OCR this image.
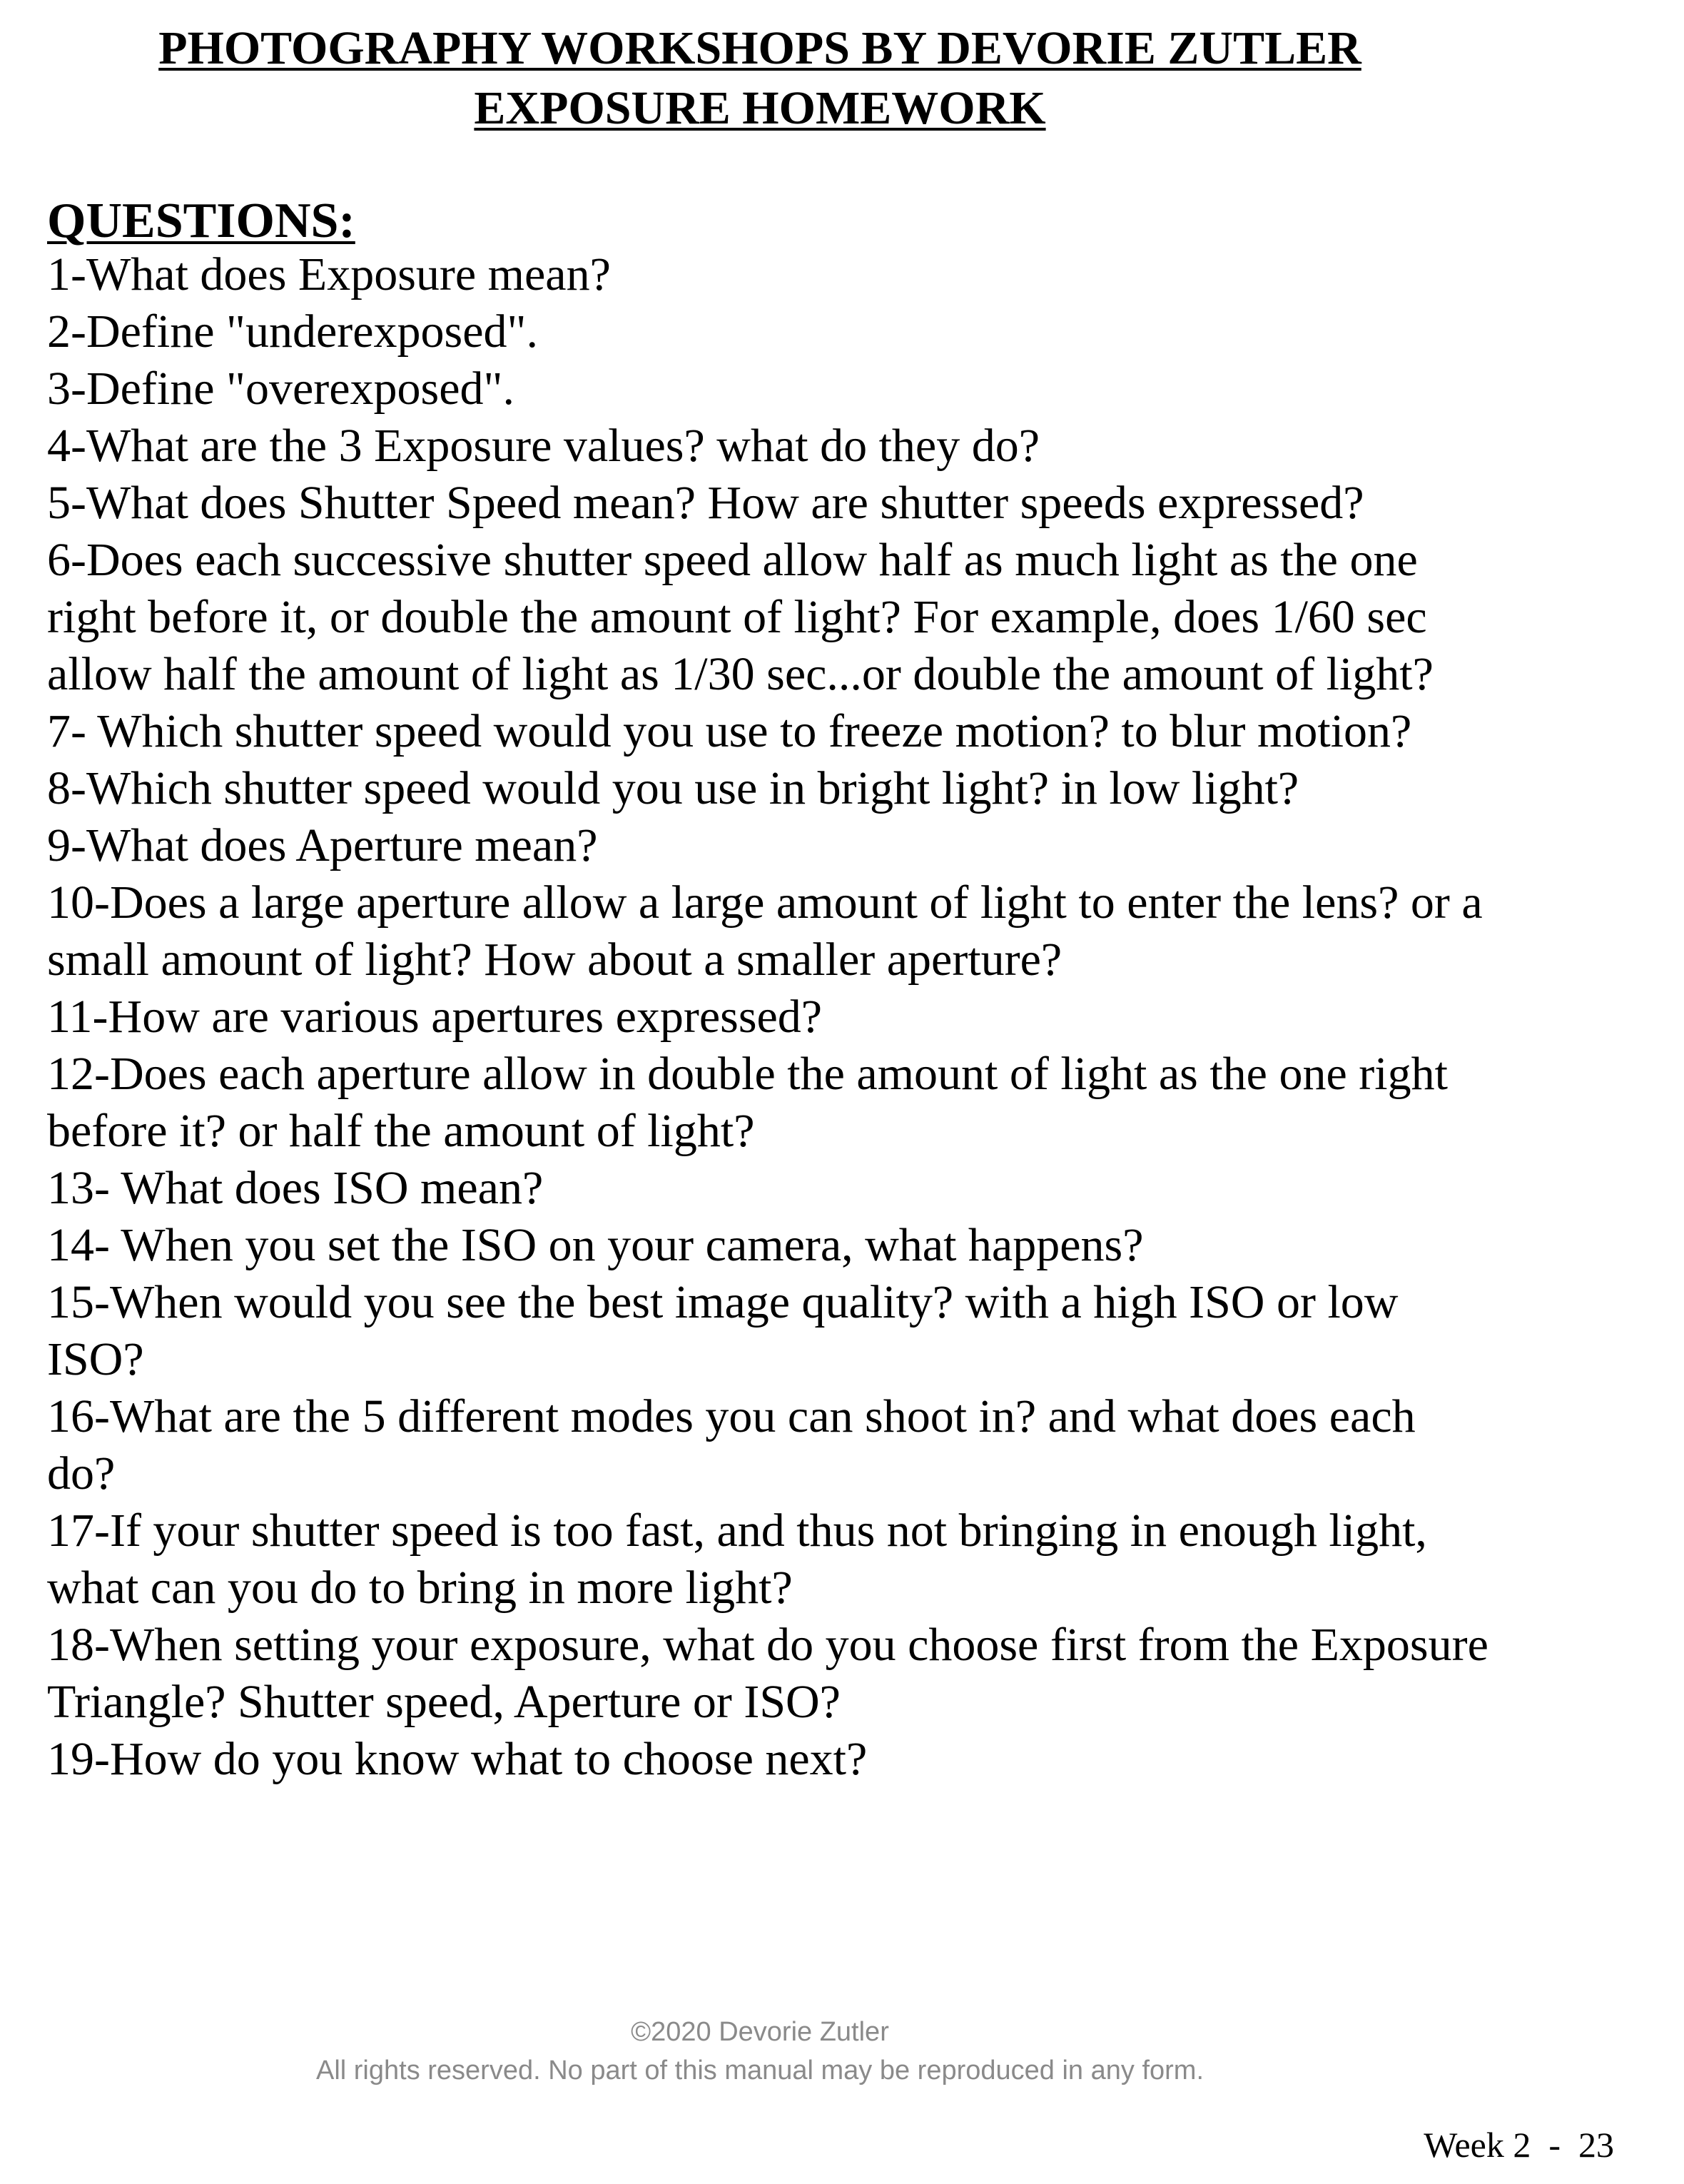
PHOTOGRAPHY WORKSHOPS BY DEVORIE ZUTLER
EXPOSURE HOMEWORK
QUESTIONS:
1-What does Exposure mean?
2-Define "underexposed".
3-Define "overexposed".
4-What are the 3 Exposure values? what do they do?
5-What does Shutter Speed mean? How are shutter speeds expressed?
6-Does each successive shutter speed allow half as much light as the one right before it, or double the amount of light? For example, does 1/60 sec allow half the amount of light as 1/30 sec...or double the amount of light?
7- Which shutter speed would you use to freeze motion? to blur motion?
8-Which shutter speed would you use in bright light? in low light?
9-What does Aperture mean?
10-Does a large aperture allow a large amount of light to enter the lens? or a small amount of light? How about a smaller aperture?
11-How are various apertures expressed?
12-Does each aperture allow in double the amount of light as the one right before it? or half the amount of light?
13- What does ISO mean?
14- When you set the ISO on your camera, what happens?
15-When would you see the best image quality? with a high ISO or low ISO?
16-What are the 5 different modes you can shoot in? and what does each do?
17-If your shutter speed is too fast, and thus not bringing in enough light, what can you do to bring in more light?
18-When setting your exposure, what do you choose first from the Exposure Triangle? Shutter speed, Aperture or ISO?
19-How do you know what to choose next?
©2020 Devorie Zutler
All rights reserved. No part of this manual may be reproduced in any form.
Week 2  -  23
